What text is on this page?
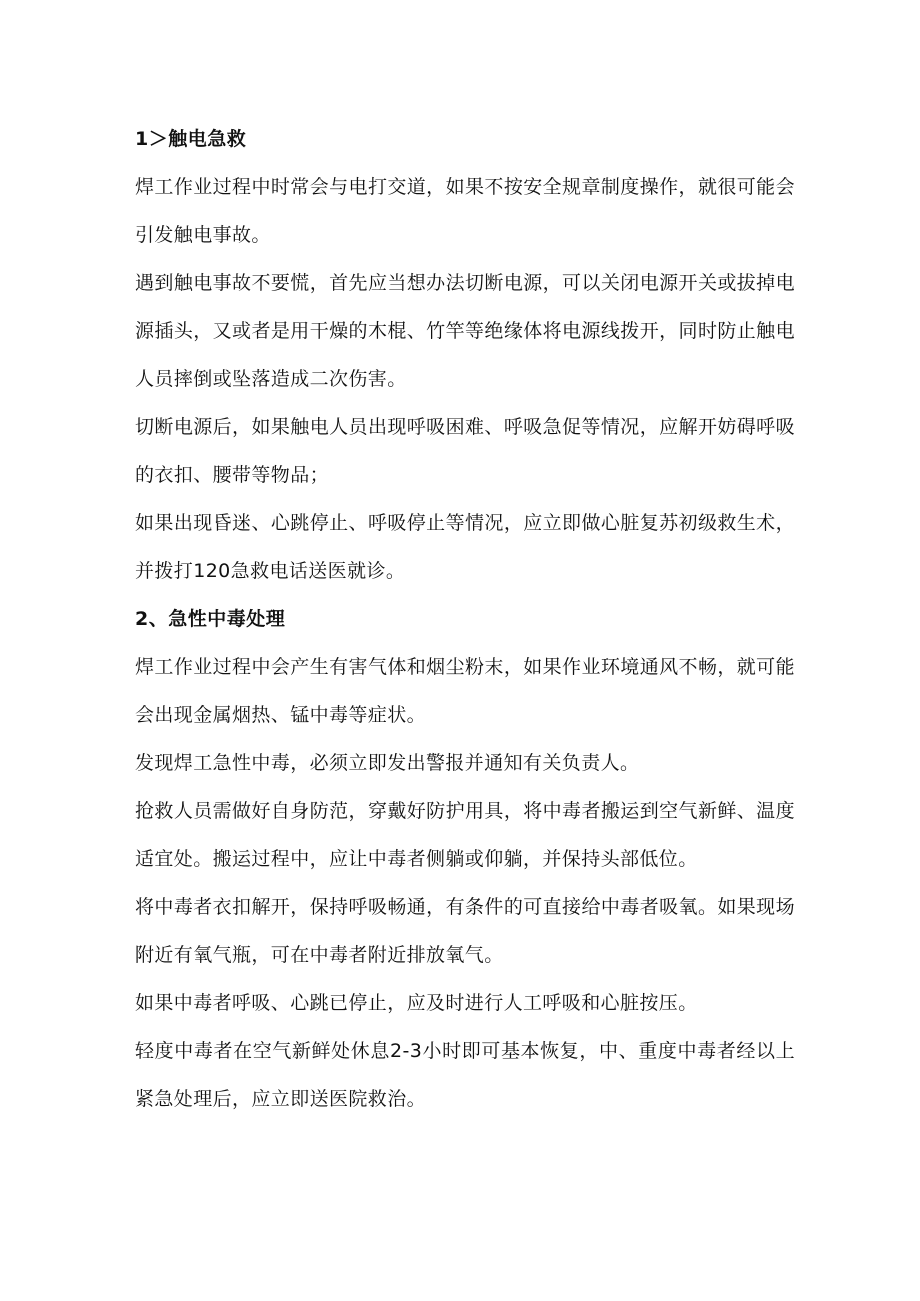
1＞触电急救

焊工作业过程中时常会与电打交道，如果不按安全规章制度操作，就很可能会引发触电事故。

遇到触电事故不要慌，首先应当想办法切断电源，可以关闭电源开关或拔掉电源插头，又或者是用干燥的木棍、竹竿等绝缘体将电源线拨开，同时防止触电人员摔倒或坠落造成二次伤害。

切断电源后，如果触电人员出现呼吸困难、呼吸急促等情况，应解开妨碍呼吸的衣扣、腰带等物品；

如果出现昏迷、心跳停止、呼吸停止等情况，应立即做心脏复苏初级救生术，并拨打120急救电话送医就诊。

2、急性中毒处理

焊工作业过程中会产生有害气体和烟尘粉末，如果作业环境通风不畅，就可能会出现金属烟热、锰中毒等症状。

发现焊工急性中毒，必须立即发出警报并通知有关负责人。

抢救人员需做好自身防范，穿戴好防护用具，将中毒者搬运到空气新鲜、温度适宜处。搬运过程中，应让中毒者侧躺或仰躺，并保持头部低位。

将中毒者衣扣解开，保持呼吸畅通，有条件的可直接给中毒者吸氧。如果现场附近有氧气瓶，可在中毒者附近排放氧气。

如果中毒者呼吸、心跳已停止，应及时进行人工呼吸和心脏按压。

轻度中毒者在空气新鲜处休息2-3小时即可基本恢复，中、重度中毒者经以上紧急处理后，应立即送医院救治。
